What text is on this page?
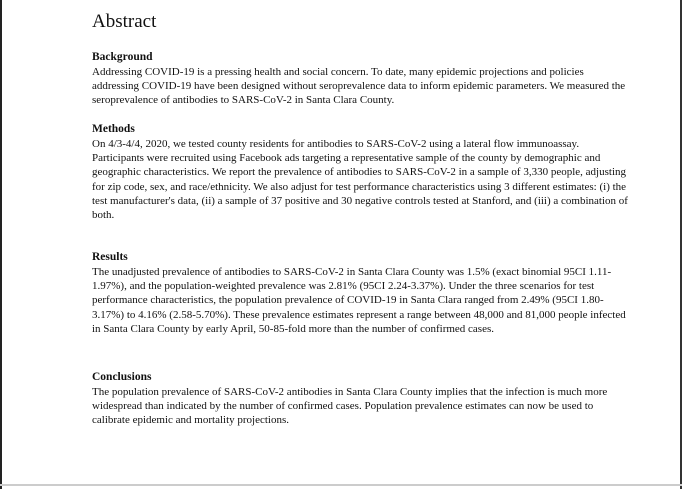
Abstract

Background

Addressing COVID-19 is a pressing health and social concern. To date, many epidemic projections and policies addressing COVID-19 have been designed without seroprevalence data to inform epidemic parameters. We measured the seroprevalence of antibodies to SARS-CoV-2 in Santa Clara County.

Methods

On 4/3-4/4, 2020, we tested county residents for antibodies to SARS-CoV-2 using a lateral flow immunoassay. Participants were recruited using Facebook ads targeting a representative sample of the county by demographic and geographic characteristics. We report the prevalence of antibodies to SARS-CoV-2 in a sample of 3,330 people, adjusting for zip code, sex, and race/ethnicity. We also adjust for test performance characteristics using 3 different estimates: (i) the test manufacturer's data, (ii) a sample of 37 positive and 30 negative controls tested at Stanford, and (iii) a combination of both.

Results

The unadjusted prevalence of antibodies to SARS-CoV-2 in Santa Clara County was 1.5% (exact binomial 95CI 1.11-1.97%), and the population-weighted prevalence was 2.81% (95CI 2.24-3.37%). Under the three scenarios for test performance characteristics, the population prevalence of COVID-19 in Santa Clara ranged from 2.49% (95CI 1.80-3.17%) to 4.16% (2.58-5.70%). These prevalence estimates represent a range between 48,000 and 81,000 people infected in Santa Clara County by early April, 50-85-fold more than the number of confirmed cases.

Conclusions

The population prevalence of SARS-CoV-2 antibodies in Santa Clara County implies that the infection is much more widespread than indicated by the number of confirmed cases. Population prevalence estimates can now be used to calibrate epidemic and mortality projections.
